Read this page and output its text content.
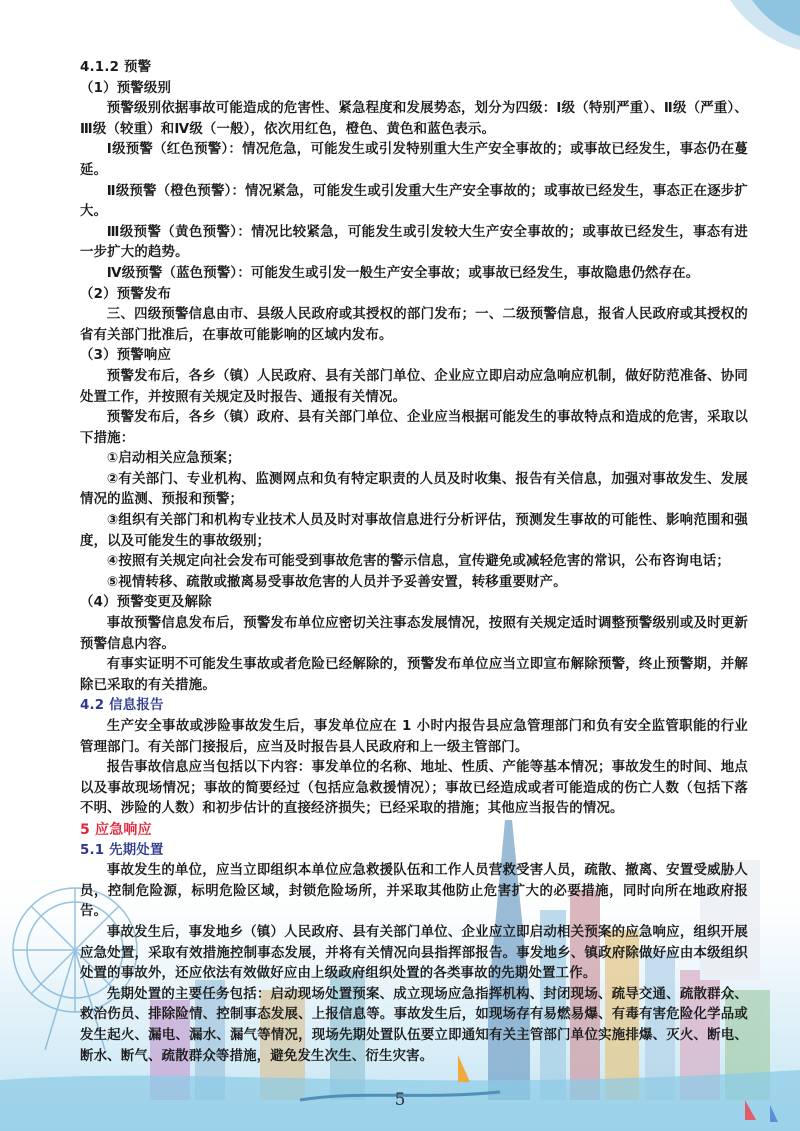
4.1.2 预警

（1）预警级别

预警级别依据事故可能造成的危害性、紧急程度和发展势态，划分为四级：Ⅰ级（特别严重）、Ⅱ级（严重）、Ⅲ级（较重）和Ⅳ级（一般），依次用红色，橙色、黄色和蓝色表示。

Ⅰ级预警（红色预警）：情况危急，可能发生或引发特别重大生产安全事故的；或事故已经发生，事态仍在蔓延。

Ⅱ级预警（橙色预警）：情况紧急，可能发生或引发重大生产安全事故的；或事故已经发生，事态正在逐步扩大。

Ⅲ级预警（黄色预警）：情况比较紧急，可能发生或引发较大生产安全事故的；或事故已经发生，事态有进一步扩大的趋势。

Ⅳ级预警（蓝色预警）：可能发生或引发一般生产安全事故；或事故已经发生，事故隐患仍然存在。

（2）预警发布

三、四级预警信息由市、县级人民政府或其授权的部门发布；一、二级预警信息，报省人民政府或其授权的省有关部门批准后，在事故可能影响的区域内发布。

（3）预警响应

预警发布后，各乡（镇）人民政府、县有关部门单位、企业应立即启动应急响应机制，做好防范准备、协同处置工作，并按照有关规定及时报告、通报有关情况。

预警发布后，各乡（镇）政府、县有关部门单位、企业应当根据可能发生的事故特点和造成的危害，采取以下措施：

①启动相关应急预案；

②有关部门、专业机构、监测网点和负有特定职责的人员及时收集、报告有关信息，加强对事故发生、发展情况的监测、预报和预警；

③组织有关部门和机构专业技术人员及时对事故信息进行分析评估，预测发生事故的可能性、影响范围和强度，以及可能发生的事故级别；

④按照有关规定向社会发布可能受到事故危害的警示信息，宣传避免或减轻危害的常识，公布咨询电话；

⑤视情转移、疏散或撤离易受事故危害的人员并予妥善安置，转移重要财产。

（4）预警变更及解除

事故预警信息发布后，预警发布单位应密切关注事态发展情况，按照有关规定适时调整预警级别或及时更新预警信息内容。

有事实证明不可能发生事故或者危险已经解除的，预警发布单位应当立即宣布解除预警，终止预警期，并解除已采取的有关措施。

4.2 信息报告

生产安全事故或涉险事故发生后，事发单位应在 1 小时内报告县应急管理部门和负有安全监管职能的行业管理部门。有关部门接报后，应当及时报告县人民政府和上一级主管部门。

报告事故信息应当包括以下内容：事发单位的名称、地址、性质、产能等基本情况；事故发生的时间、地点以及事故现场情况；事故的简要经过（包括应急救援情况）；事故已经造成或者可能造成的伤亡人数（包括下落不明、涉险的人数）和初步估计的直接经济损失；已经采取的措施；其他应当报告的情况。

5 应急响应

5.1 先期处置

事故发生的单位，应当立即组织本单位应急救援队伍和工作人员营救受害人员，疏散、撤离、安置受威胁人员，控制危险源，标明危险区域，封锁危险场所，并采取其他防止危害扩大的必要措施，同时向所在地政府报告。

事故发生后，事发地乡（镇）人民政府、县有关部门单位、企业应立即启动相关预案的应急响应，组织开展应急处置，采取有效措施控制事态发展，并将有关情况向县指挥部报告。事发地乡、镇政府除做好应由本级组织处置的事故外，还应依法有效做好应由上级政府组织处置的各类事故的先期处置工作。

先期处置的主要任务包括：启动现场处置预案、成立现场应急指挥机构、封闭现场、疏导交通、疏散群众、救治伤员、排除险情、控制事态发展、上报信息等。事故发生后，如现场存有易燃易爆、有毒有害危险化学品或发生起火、漏电、漏水、漏气等情况，现场先期处置队伍要立即通知有关主管部门单位实施排爆、灭火、断电、断水、断气、疏散群众等措施，避免发生次生、衍生灾害。

5
